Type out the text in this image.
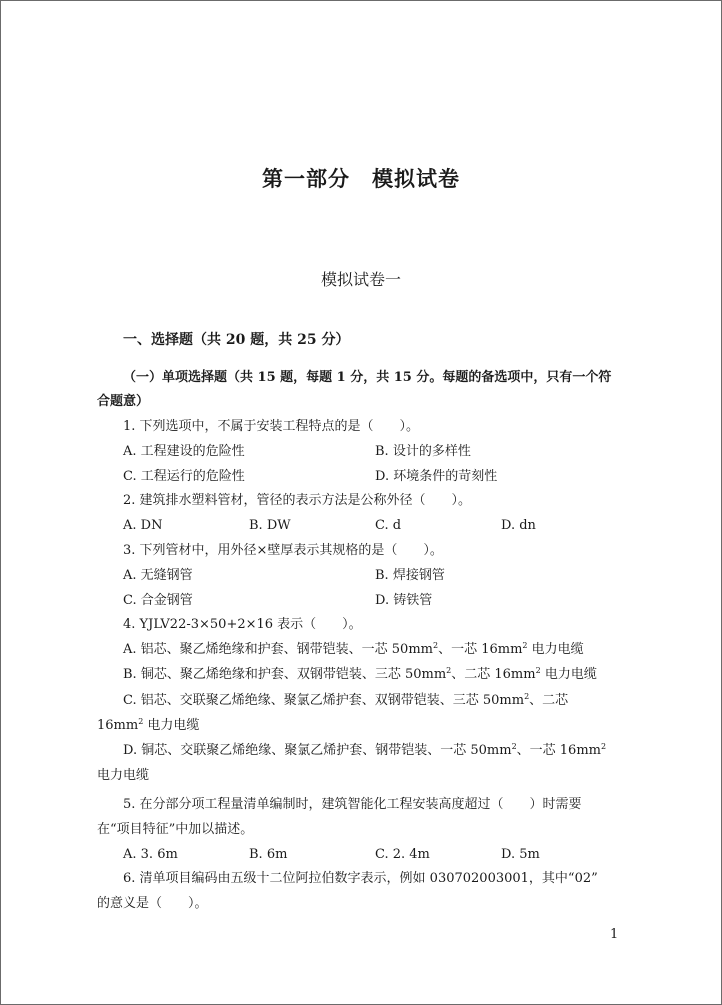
第一部分　模拟试卷
模拟试卷一
一、选择题（共 20 题，共 25 分）
（一）单项选择题（共 15 题，每题 1 分，共 15 分。每题的备选项中，只有一个符
合题意）
1. 下列选项中，不属于安装工程特点的是（　　）。
A. 工程建设的危险性	B. 设计的多样性
C. 工程运行的危险性	D. 环境条件的苛刻性
2. 建筑排水塑料管材，管径的表示方法是公称外径（　　）。
A. DN	B. DW	C. d	D. dn
3. 下列管材中，用外径×壁厚表示其规格的是（　　）。
A. 无缝钢管	B. 焊接钢管
C. 合金钢管	D. 铸铁管
4. YJLV22-3×50+2×16 表示（　　）。
A. 铝芯、聚乙烯绝缘和护套、钢带铠装、一芯 $50mm^2$、一芯 $16mm^2$ 电力电缆
B. 铜芯、聚乙烯绝缘和护套、双钢带铠装、三芯 $50mm^2$、二芯 $16mm^2$ 电力电缆
C. 铝芯、交联聚乙烯绝缘、聚氯乙烯护套、双钢带铠装、三芯 $50mm^2$、二芯
$16mm^2$ 电力电缆
D. 铜芯、交联聚乙烯绝缘、聚氯乙烯护套、钢带铠装、一芯 $50mm^2$、一芯 $16mm^2$
电力电缆
5. 在分部分项工程量清单编制时，建筑智能化工程安装高度超过（　　）时需要
在“项目特征”中加以描述。
A. 3. 6m	B. 6m	C. 2. 4m	D. 5m
6. 清单项目编码由五级十二位阿拉伯数字表示，例如 030702003001，其中“02”
的意义是（　　）。
1
